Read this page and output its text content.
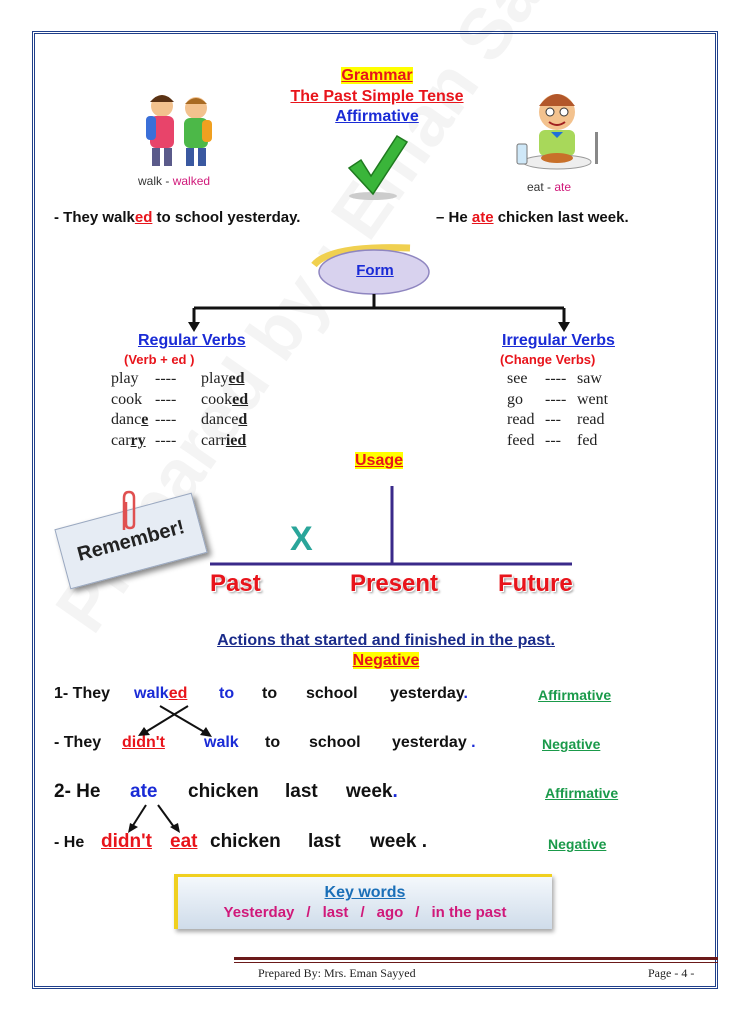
Grammar
The Past Simple Tense
Affirmative
walk - walked	eat - ate
- They walked to school yesterday.	– He ate chicken last week.
Form
Regular Verbs
(Verb + ed )
play	----	played
cook ----	cooked
dance ----	danced
carry ----	carried
Irregular Verbs
(Change Verbs)
see	---- saw
go	---- went
read ---	read
feed ---	fed
Usage
Remember!	X
Past	Present Future
Actions that started and finished in the past.
Negative
1- They walked to to school yesterday.	Affirmative
- They didn't walk to school yesterday .	Negative
2- He ate chicken last week.	Affirmative
- He didn't eat chicken last week .	Negative
Key words
Yesterday / last / ago / in the past
Prepared By: Mrs. Eman Sayyed	Page - 4 -
